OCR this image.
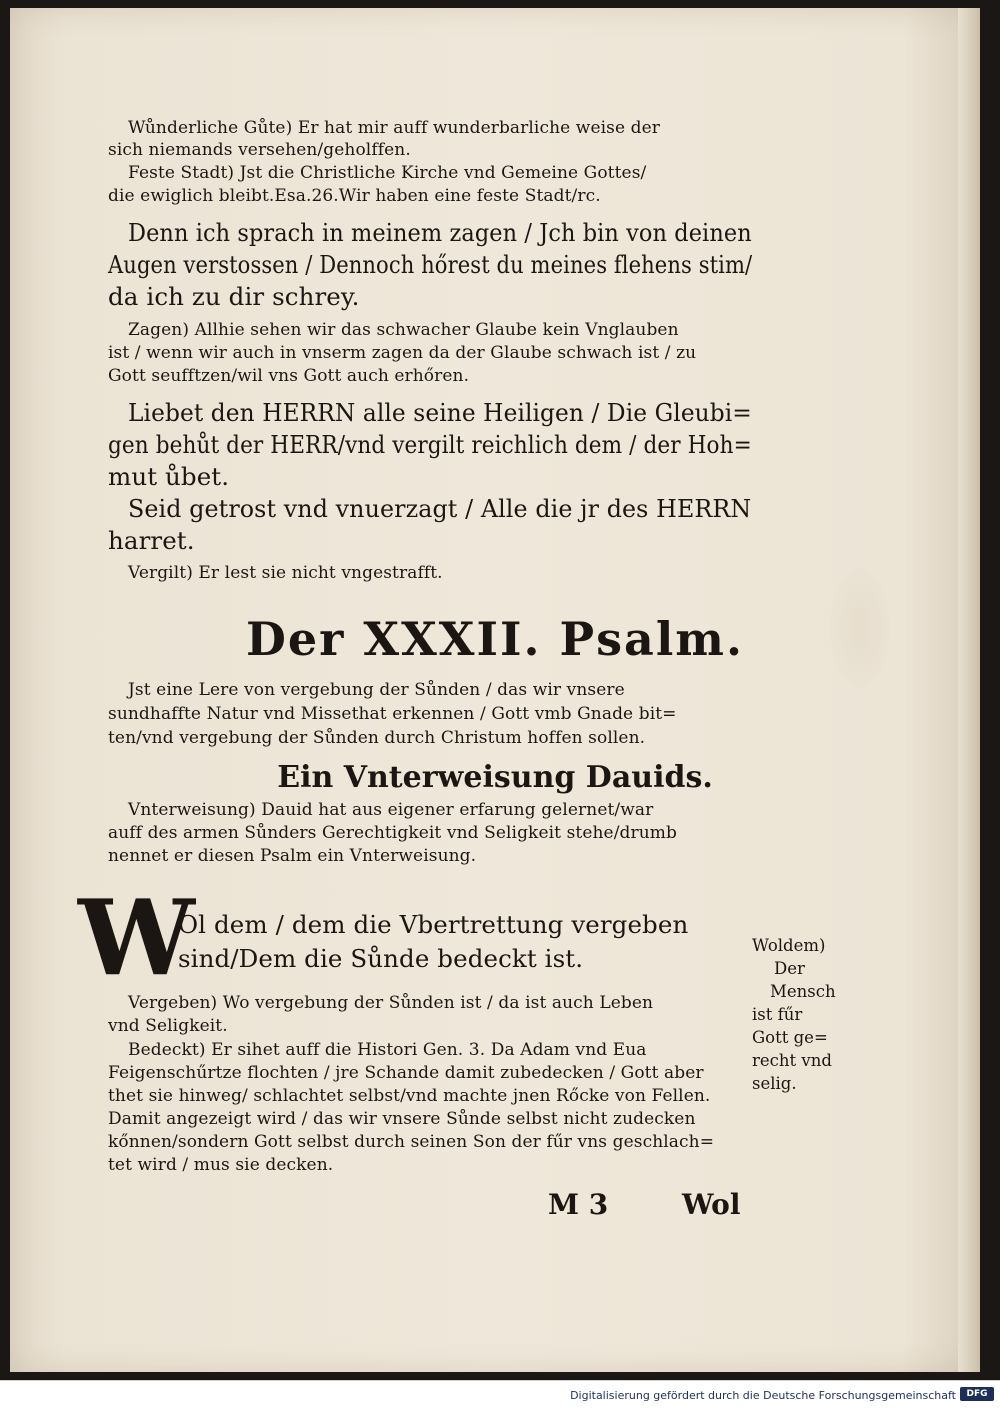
Wůnderliche Gůte) Er hat mir auff wunderbarliche weise der

sich niemands versehen/geholffen.

Feste Stadt) Jst die Christliche Kirche vnd Gemeine Gottes/

die ewiglich bleibt.Esa.26.Wir haben eine feste Stadt/rc.

Denn ich sprach in meinem zagen / Jch bin von deinen

Augen verstossen / Dennoch hőrest du meines flehens stim/

da ich zu dir schrey.

Zagen) Allhie sehen wir das schwacher Glaube kein Vnglauben

ist / wenn wir auch in vnserm zagen da der Glaube schwach ist / zu

Gott seufftzen/wil vns Gott auch erhőren.

Liebet den HERRN alle seine Heiligen / Die Gleubi=

gen behůt der HERR/vnd vergilt reichlich dem / der Hoh=

mut ůbet.

Seid getrost vnd vnuerzagt / Alle die jr des HERRN

harret.

Vergilt) Er lest sie nicht vngestrafft.

Jst eine Lere von vergebung der Sůnden / das wir vnsere

sundhaffte Natur vnd Missethat erkennen / Gott vmb Gnade bit=

ten/vnd vergebung der Sůnden durch Christum hoffen sollen.

Vnterweisung) Dauid hat aus eigener erfarung gelernet/war

auff des armen Sůnders Gerechtigkeit vnd Seligkeit stehe/drumb

nennet er diesen Psalm ein Vnterweisung.

Ol dem / dem die Vbertrettung vergeben

sind/Dem die Sůnde bedeckt ist.

Vergeben) Wo vergebung der Sůnden ist / da ist auch Leben

vnd Seligkeit.

Bedeckt) Er sihet auff die Histori Gen. 3. Da Adam vnd Eua

Feigenschűrtze flochten / jre Schande damit zubedecken / Gott aber

thet sie hinweg/ schlachtet selbst/vnd machte jnen Rőcke von Fellen.

Damit angezeigt wird / das wir vnsere Sůnde selbst nicht zudecken

kőnnen/sondern Gott selbst durch seinen Son der fűr vns geschlach=

tet wird / mus sie decken.

Der XXXII. Psalm.

Ein Vnterweisung Dauids.

W	Woldem)
Der
Mensch
ist fűr
Gott ge=
recht vnd
selig.
M 3	Wol
Digitalisierung gefördert durch die Deutsche Forschungsgemeinschaft	DFG
